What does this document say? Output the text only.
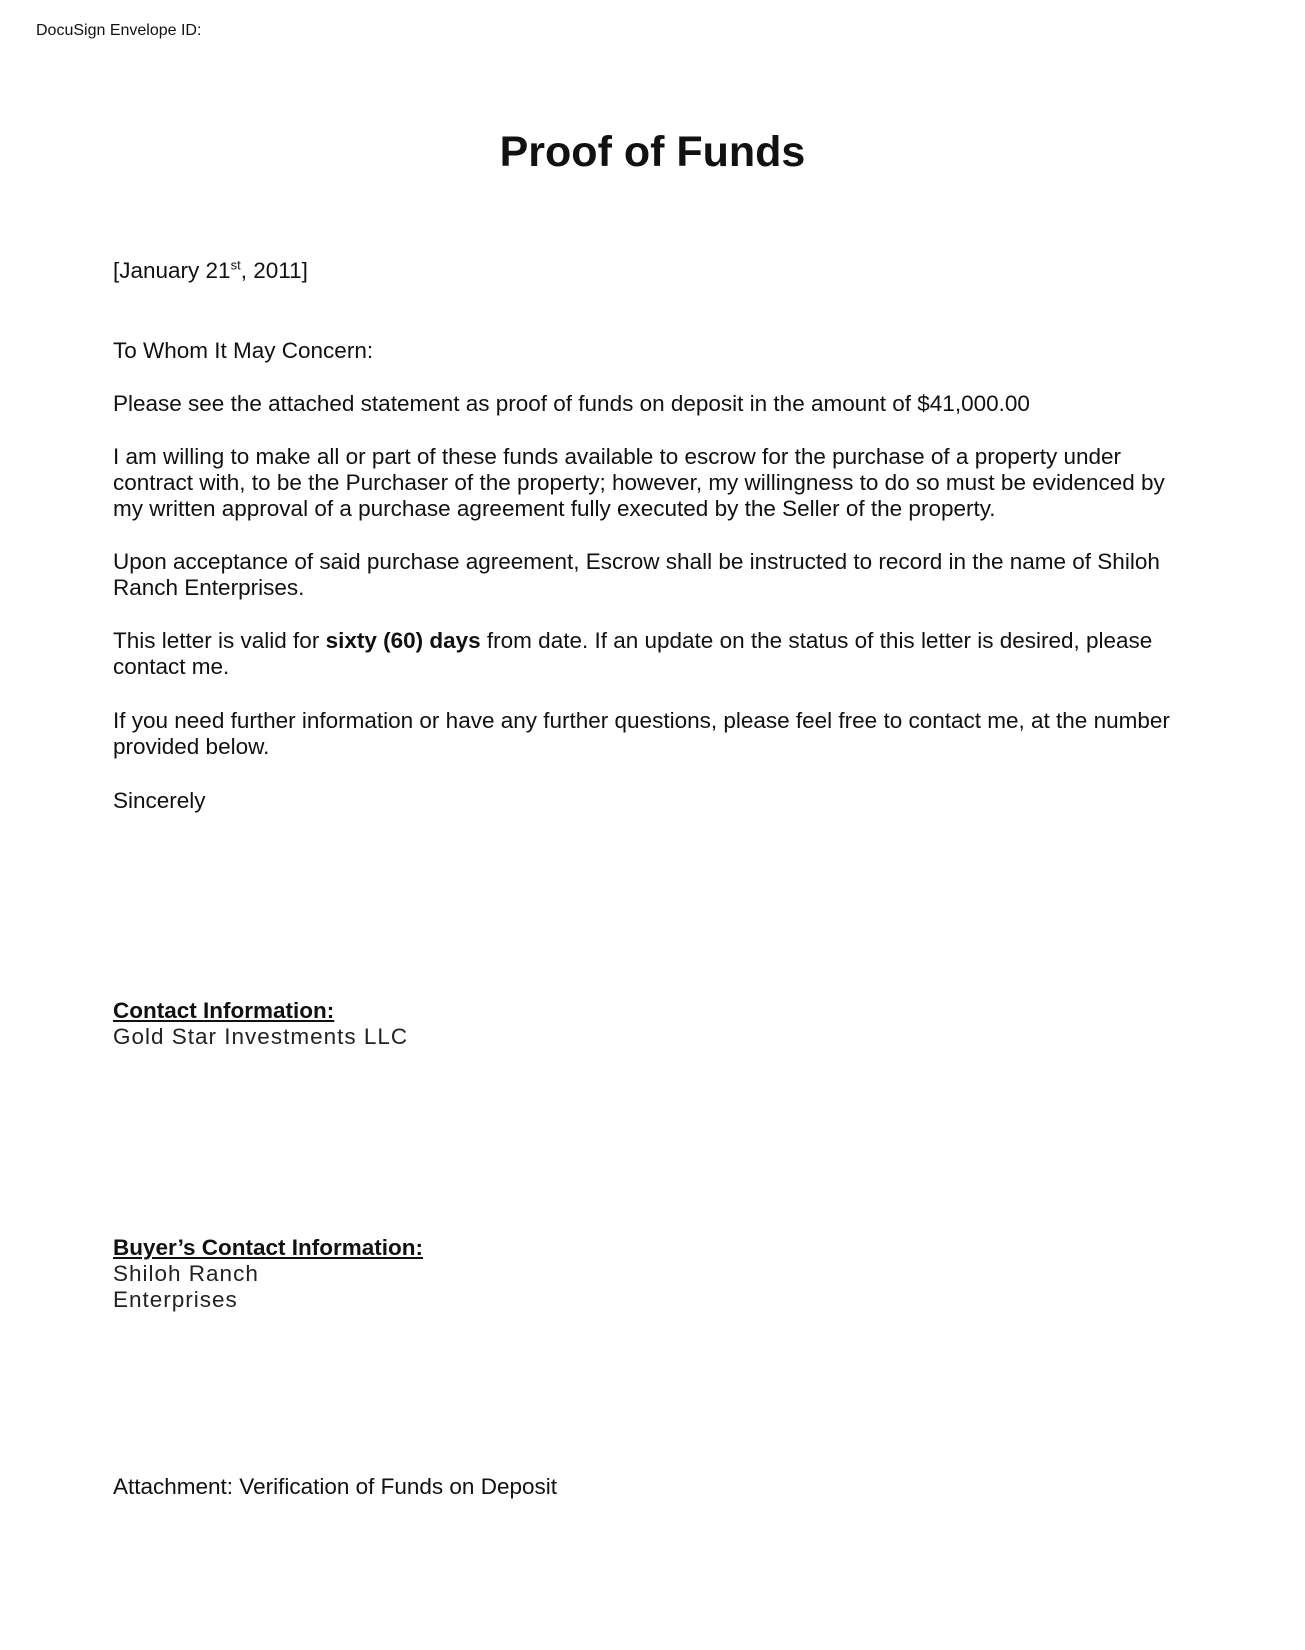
DocuSign Envelope ID:
Proof of Funds

[January 21st, 2011]

To Whom It May Concern:

Please see the attached statement as proof of funds on deposit in the amount of $41,000.00

I am willing to make all or part of these funds available to escrow for the purchase of a property under
contract with, to be the Purchaser of the property; however, my willingness to do so must be evidenced by
my written approval of a purchase agreement fully executed by the Seller of the property.

Upon acceptance of said purchase agreement, Escrow shall be instructed to record in the name of Shiloh
Ranch Enterprises.

This letter is valid for sixty (60) days from date. If an update on the status of this letter is desired, please
contact me.

If you need further information or have any further questions, please feel free to contact me, at the number
provided below.

Sincerely

Contact Information:

Gold Star Investments LLC

Buyer’s Contact Information:

Shiloh Ranch Enterprises

Attachment: Verification of Funds on Deposit
